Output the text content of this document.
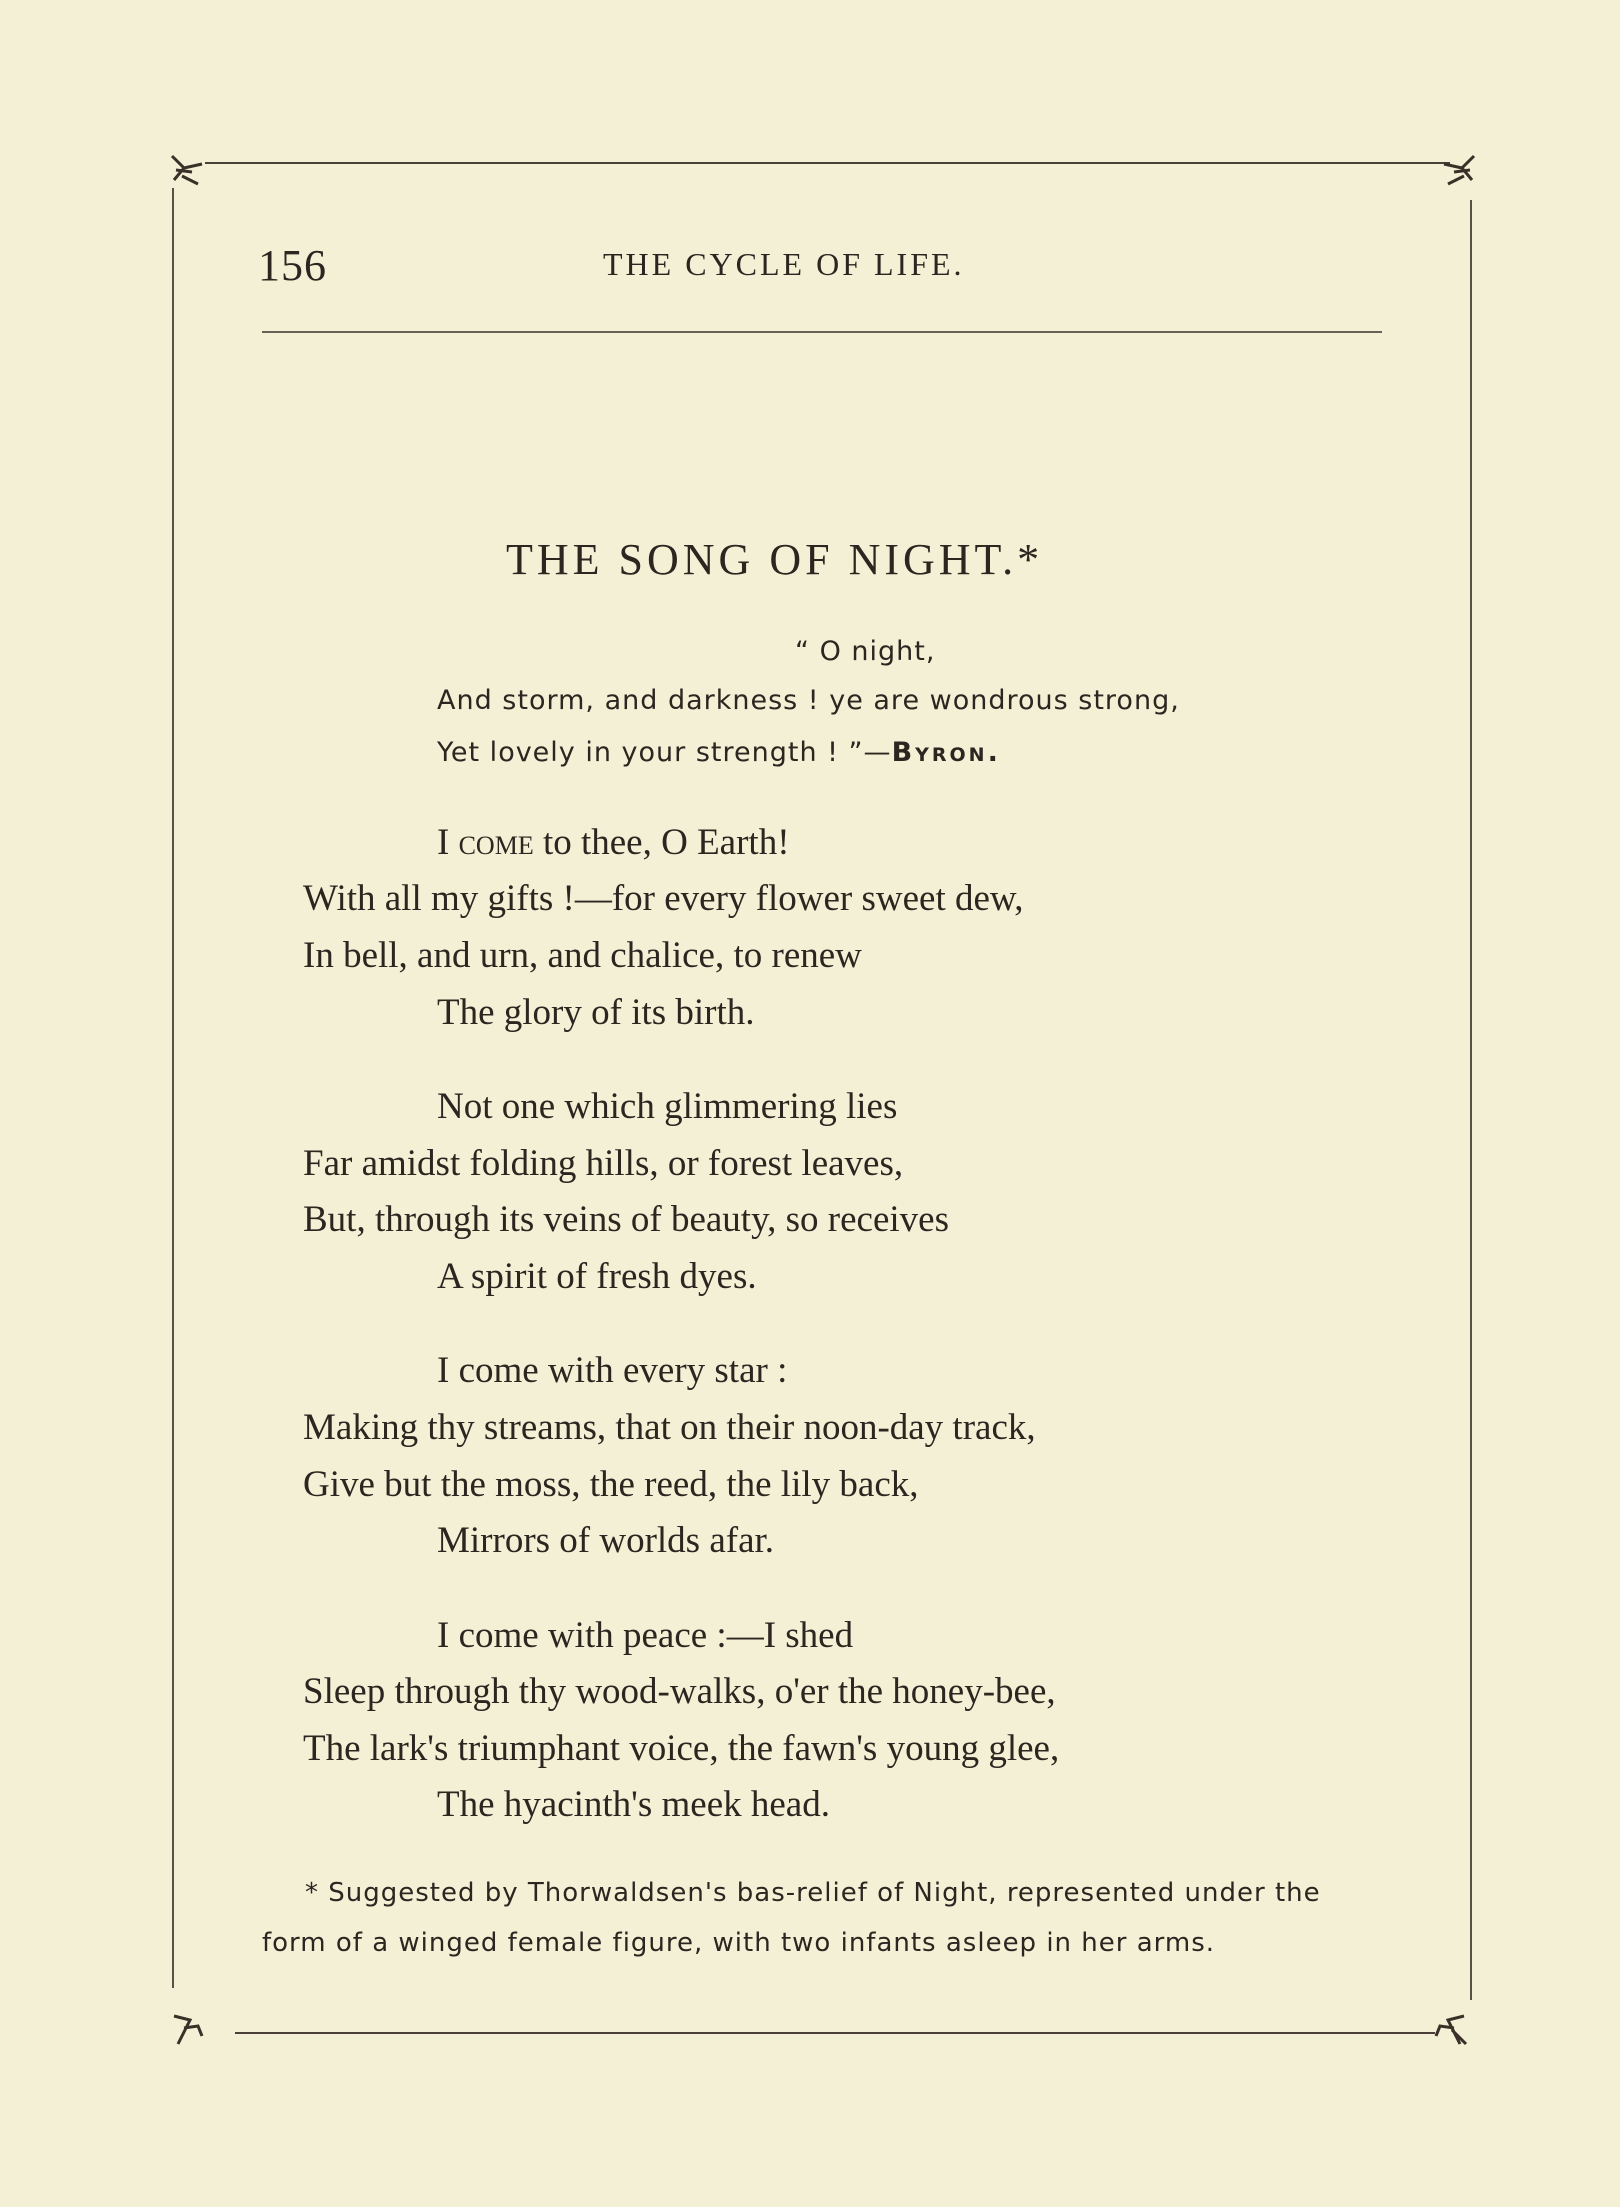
156	THE CYCLE OF LIFE.
THE SONG OF NIGHT.*
“ O night,
And storm, and darkness ! ye are wondrous strong,
Yet lovely in your strength ! ”—Byron.
I come to thee, O Earth!
With all my gifts !—for every flower sweet dew,
In bell, and urn, and chalice, to renew
The glory of its birth.
Not one which glimmering lies
Far amidst folding hills, or forest leaves,
But, through its veins of beauty, so receives
A spirit of fresh dyes.
I come with every star :
Making thy streams, that on their noon-day track,
Give but the moss, the reed, the lily back,
Mirrors of worlds afar.
I come with peace :—I shed
Sleep through thy wood-walks, o'er the honey-bee,
The lark's triumphant voice, the fawn's young glee,
The hyacinth's meek head.
* Suggested by Thorwaldsen's bas-relief of Night, represented under the
form of a winged female figure, with two infants asleep in her arms.
